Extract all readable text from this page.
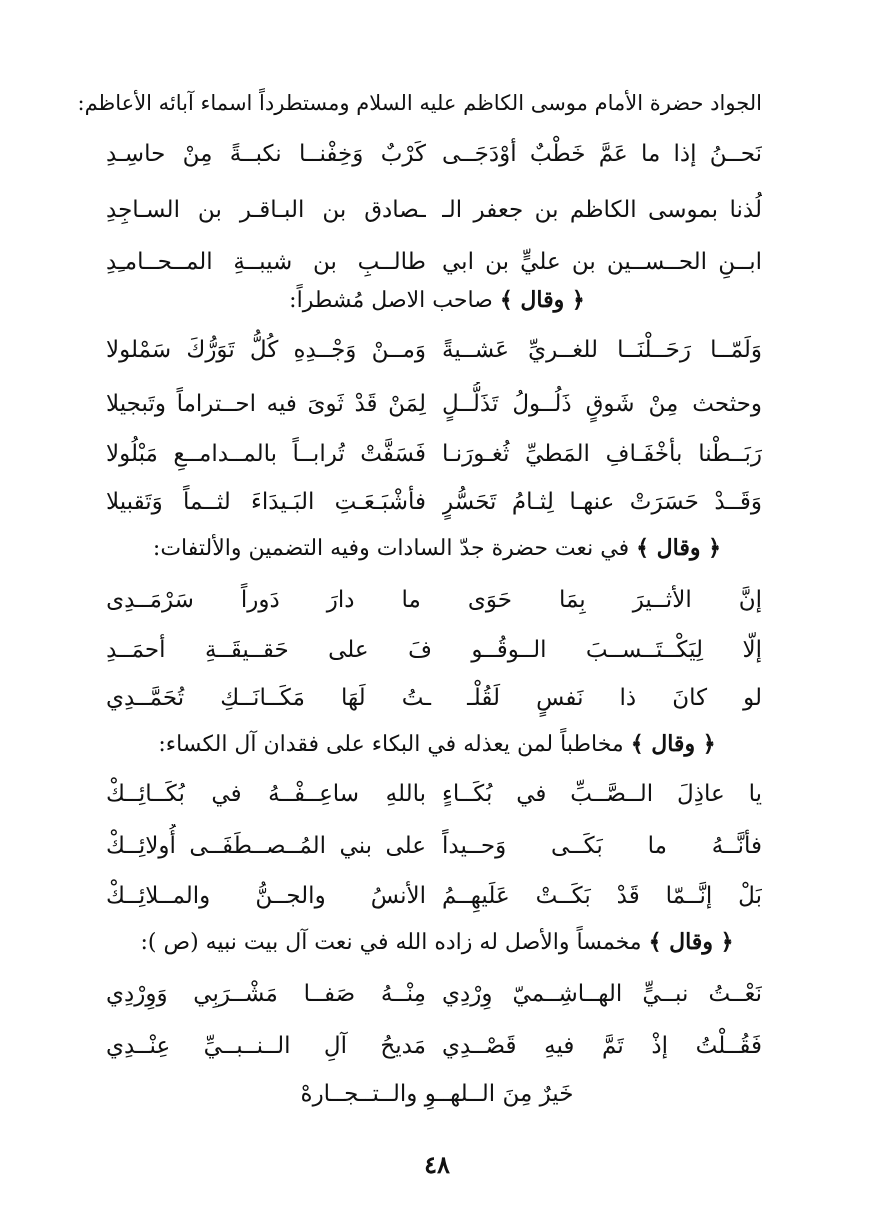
الجواد حضرة الأمام موسى الكاظم عليه السلام ومستطرداً اسماء آبائه الأعاظم:
نَحــنُ إذا ما عَمَّ خَطْبٌ أوْدَجَــى
كَرْبٌ وَخِفْنــا نكبــةً مِنْ حاسِـدِ
لُذنا بموسى الكاظم بن جعفر الـ
ـصادق بن البـاقـر بن السـاجِدِ
ابــنِ الحــســين بن عليٍّ بن ابي
طالــبِ بن شيبــةِ المــحــامـِدِ
﴿ وقال ﴾ صاحب الاصل مُشطراً:
وَلَمّــا رَحَــلْنَــا للغــريِّ عَشــيةً
وَمــنْ وَجْــدِهِ كُلُّ تَوَرُّكَ سَمْلولا
وحثحث مِنْ شَوقٍ ذَلُــولُ تَذَلُّــلٍ
لِمَنْ قَدْ ثَوىَ فيه احــتراماً وتَبجيلا
رَبَــطْنا بأخْفَـافِ المَطيِّ ثُغـورَنـا
فَسَفَّتْ تُرابــاً بالمــدامــعِ مَبْلُولا
وَقَــدْ حَسَرَتْ عنهـا لِثـامُ تَحَسُّرٍ
فأشْبَـعَـتِ البَـيدَاءَ لثــماً وَتَقبيلا
﴿ وقال ﴾ في نعت حضرة جدّ السادات وفيه التضمين والألتفات:
إنَّ
الأثــيرَ
بِمَا
حَوَى
ما
دارَ
دَوراً
سَرْمَــدِى
إلّا
لِيَكْــتَــســبَ
الــوقُــو
فَ
على
حَقــيقَــةِ
أحمَــدِ
لو
كانَ
ذا
نَفسٍ
لَقُلْـ
ـتُ
لَهَا
مَكَــانَــكِ
تُحَمَّــدِي
﴿ وقال ﴾ مخاطباً لمن يعذله في البكاء على فقدان آل الكساء:
يا عاذِلَ الــصَّــبِّ في بُكَــاءٍ
باللهِ ساعِــفْــهُ في بُكَــائِــكْ
فأنَّــهُ ما بَكَــى وَحــيداً
على بني المُــصــطَفَــى أُولائِــكْ
بَلْ إنَّــمّا قَدْ بَكَــتْ عَلَيهِــمُ
الأنسُ والجــنُّ والمــلائِــكْ
﴿ وقال ﴾ مخمساً والأصل له زاده الله في نعت آل بيت نبيه (ص ):
نَعْــتُ نبــيٍّ الهــاشِــميّ وِرْدِي
مِنْــهُ صَفــا مَشْــرَبِي وَوِرْدِي
فَقُــلْتُ إذْ تَمَّ فيهِ قَصْــدِي
مَديحُ آلِ الــنــبــيِّ عِنْــدِي
خَيرٌ مِنَ الــلهــوِ والــتــجــارهْ
٤٨
